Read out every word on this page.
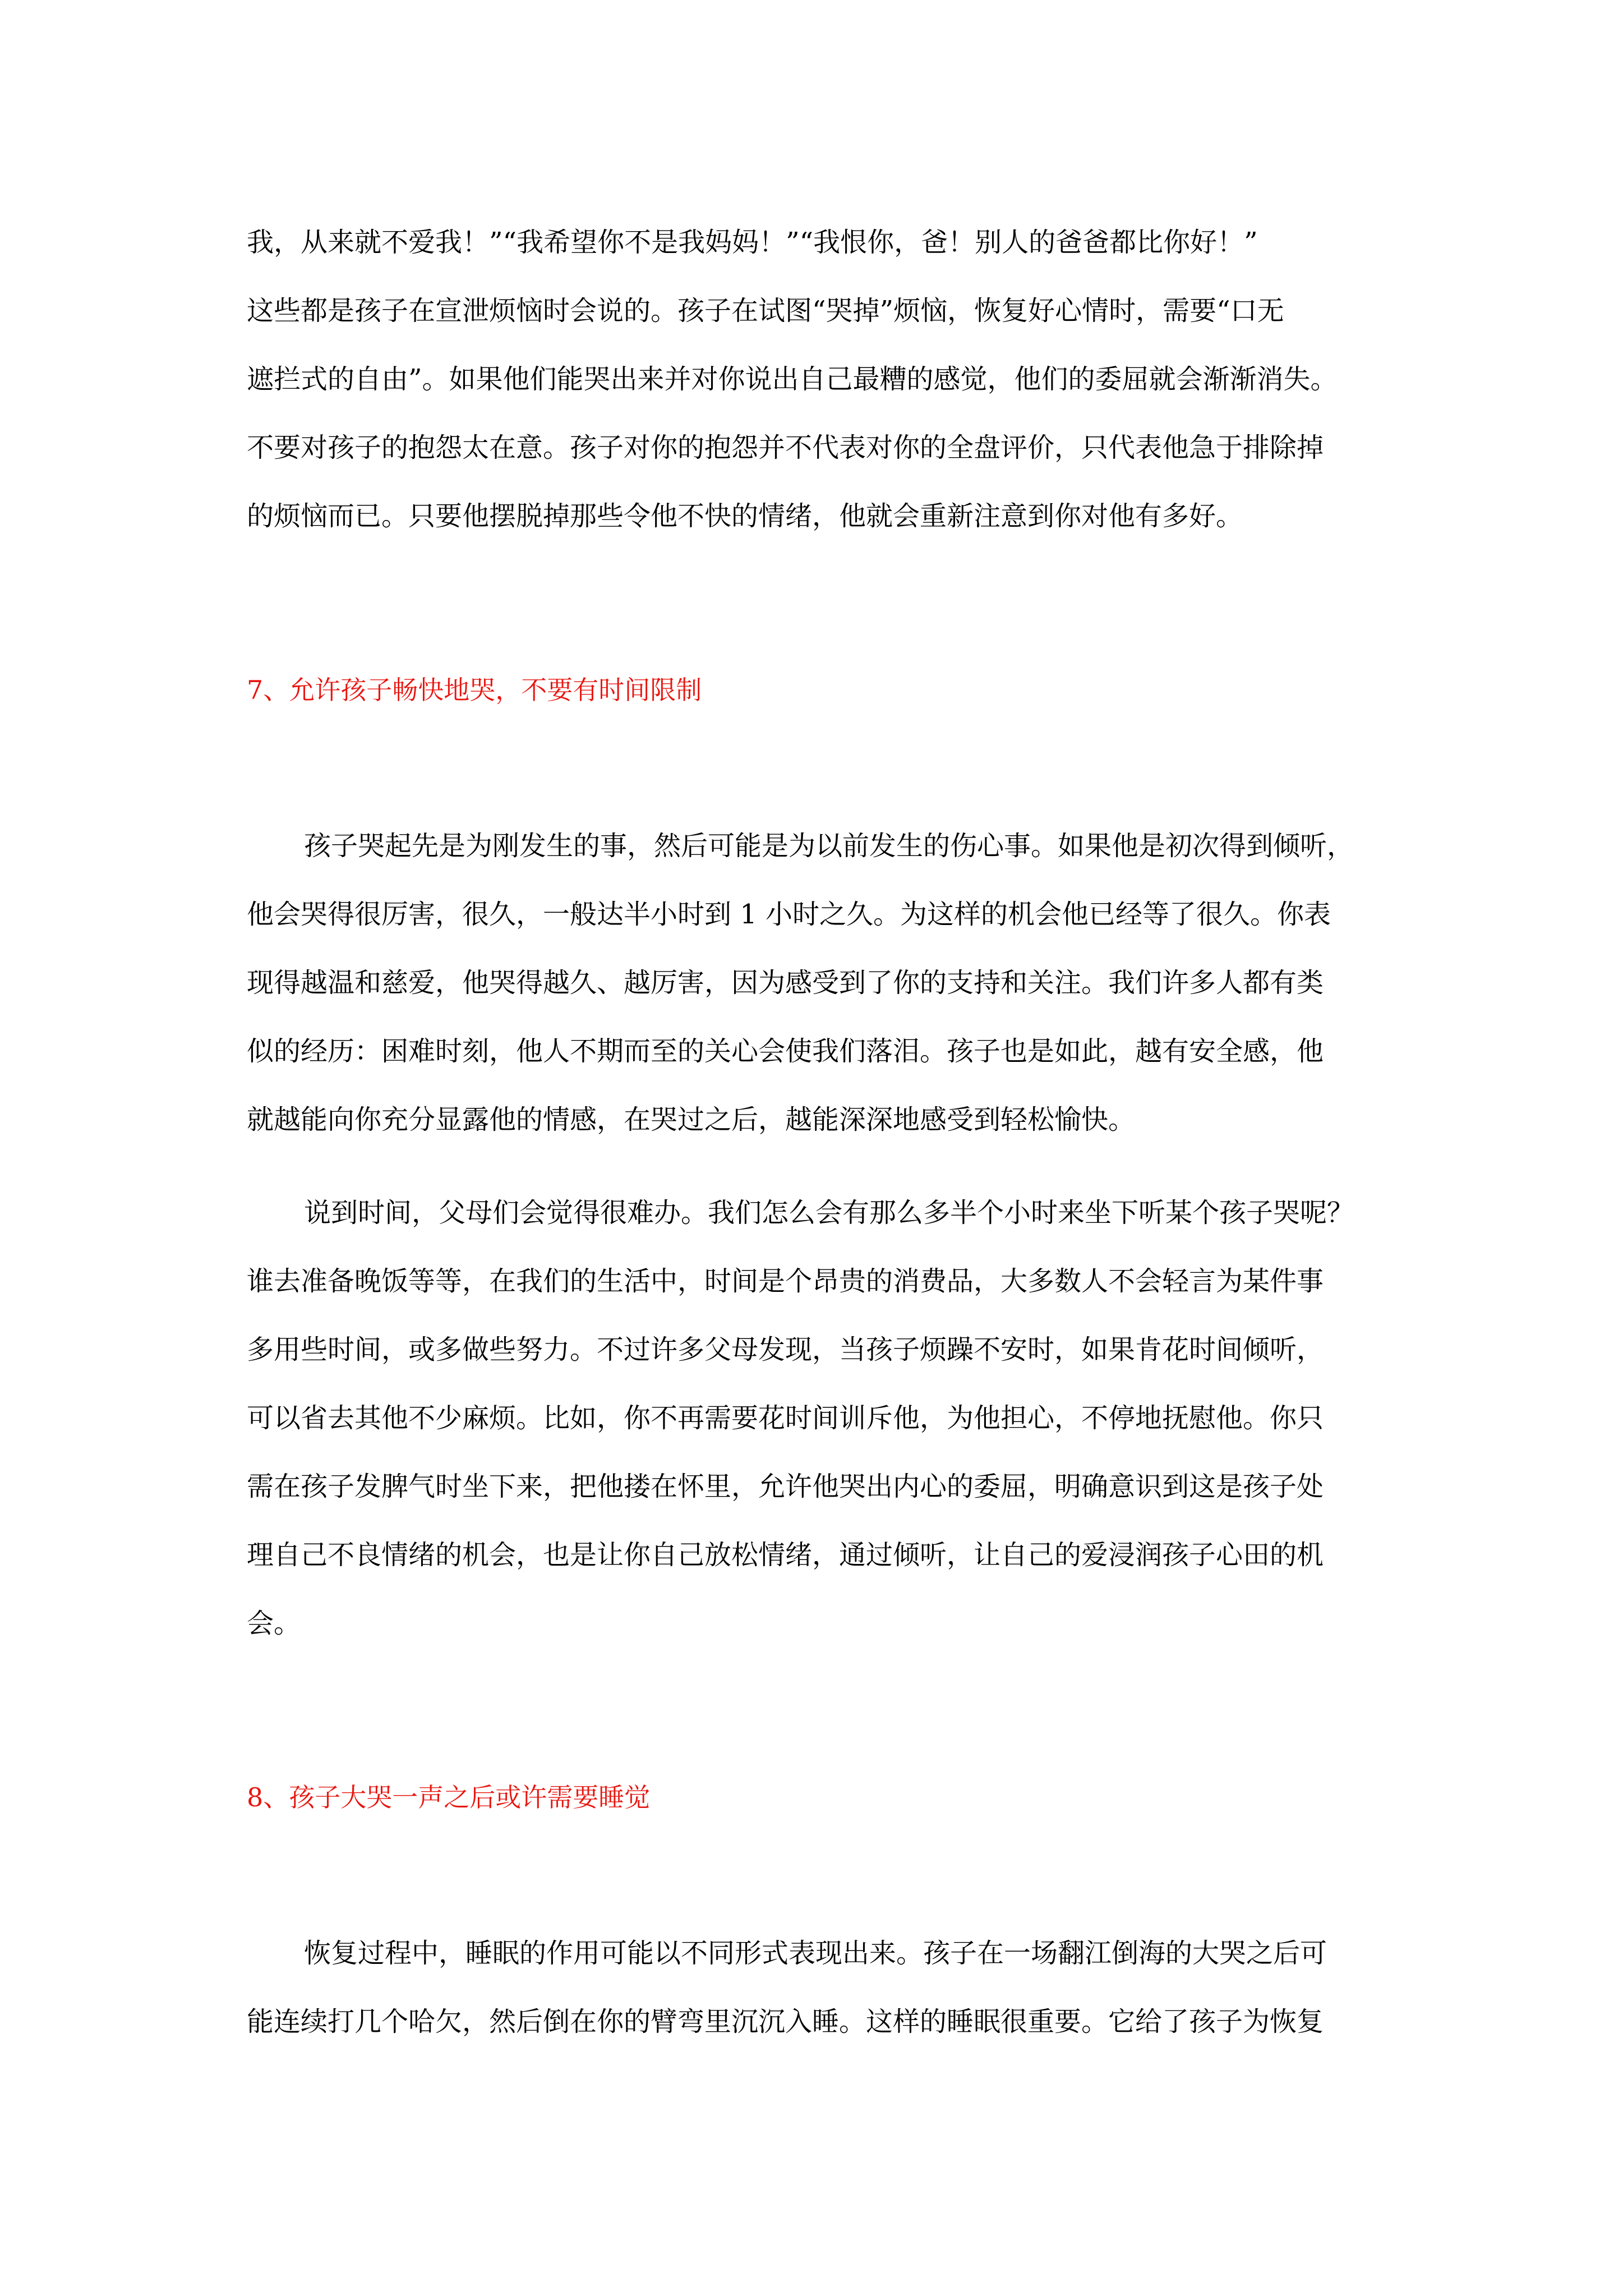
我，从来就不爱我！”“我希望你不是我妈妈！”“我恨你，爸！别人的爸爸都比你好！”
这些都是孩子在宣泄烦恼时会说的。孩子在试图“哭掉”烦恼，恢复好心情时，需要“口无
遮拦式的自由”。如果他们能哭出来并对你说出自己最糟的感觉，他们的委屈就会渐渐消失。
不要对孩子的抱怨太在意。孩子对你的抱怨并不代表对你的全盘评价，只代表他急于排除掉
的烦恼而已。只要他摆脱掉那些令他不快的情绪，他就会重新注意到你对他有多好。
7、允许孩子畅快地哭，不要有时间限制
孩子哭起先是为刚发生的事，然后可能是为以前发生的伤心事。如果他是初次得到倾听，
他会哭得很厉害，很久，一般达半小时到 1 小时之久。为这样的机会他已经等了很久。你表
现得越温和慈爱，他哭得越久、越厉害，因为感受到了你的支持和关注。我们许多人都有类
似的经历：困难时刻，他人不期而至的关心会使我们落泪。孩子也是如此，越有安全感，他
就越能向你充分显露他的情感，在哭过之后，越能深深地感受到轻松愉快。
说到时间，父母们会觉得很难办。我们怎么会有那么多半个小时来坐下听某个孩子哭呢？
谁去准备晚饭等等，在我们的生活中，时间是个昂贵的消费品，大多数人不会轻言为某件事
多用些时间，或多做些努力。不过许多父母发现，当孩子烦躁不安时，如果肯花时间倾听，
可以省去其他不少麻烦。比如，你不再需要花时间训斥他，为他担心，不停地抚慰他。你只
需在孩子发脾气时坐下来，把他搂在怀里，允许他哭出内心的委屈，明确意识到这是孩子处
理自己不良情绪的机会，也是让你自己放松情绪，通过倾听，让自己的爱浸润孩子心田的机
会。
8、孩子大哭一声之后或许需要睡觉
恢复过程中，睡眠的作用可能以不同形式表现出来。孩子在一场翻江倒海的大哭之后可
能连续打几个哈欠，然后倒在你的臂弯里沉沉入睡。这样的睡眠很重要。它给了孩子为恢复
